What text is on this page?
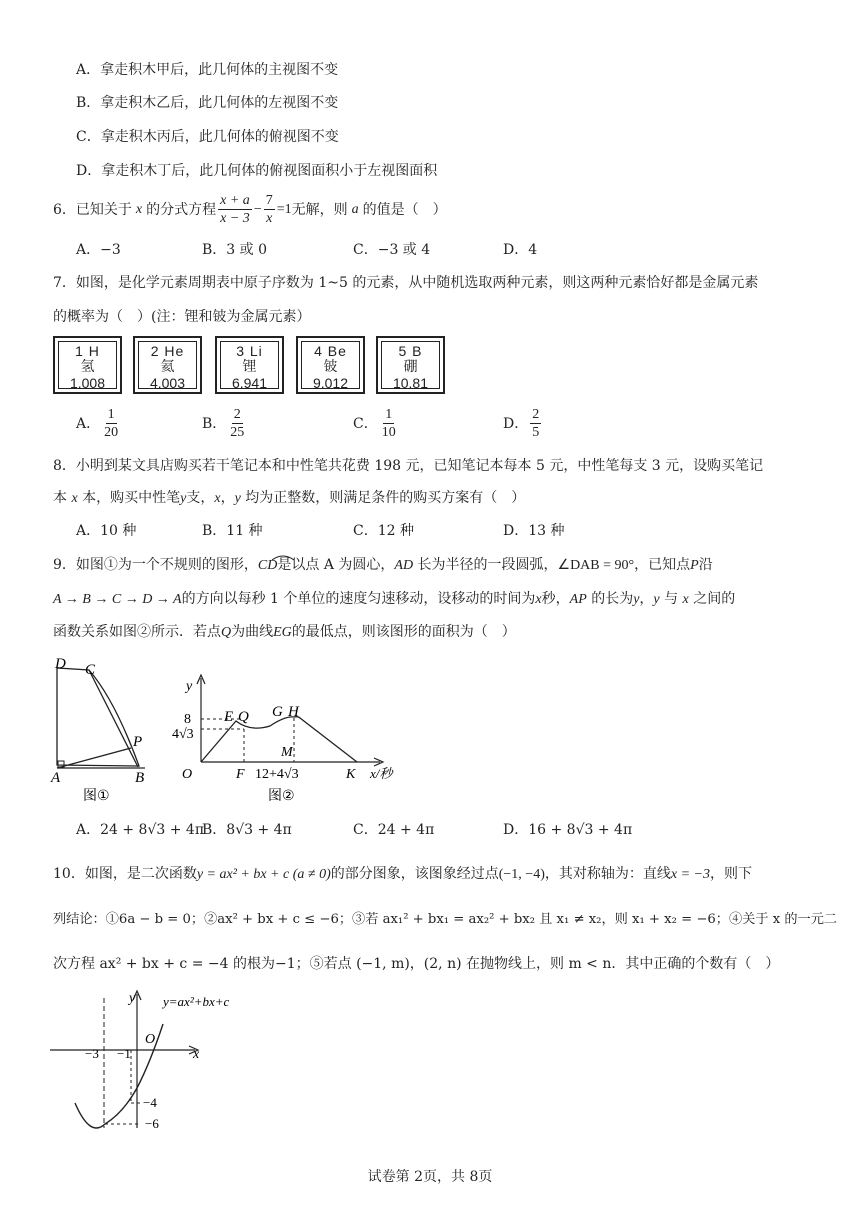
A．拿走积木甲后，此几何体的主视图不变
B．拿走积木乙后，此几何体的左视图不变
C．拿走积木丙后，此几何体的俯视图不变
D．拿走积木丁后，此几何体的俯视图面积小于左视图面积
6．已知关于 x 的分式方程 $\frac{x + a}{x - 3} - \frac{7}{x} =1$ 无解，则 a 的值是（　）
A．−3	B．3 或 0	C．−3 或 4	D．4
7．如图，是化学元素周期表中原子序数为 1~5 的元素，从中随机选取两种元素，则这两种元素恰好都是金属元素
的概率为（　）(注：锂和铍为金属元素）
1 H
氢
1.008
2 He
氦
4.003
3 Li
锂
6.941
4 Be
铍
9.012
5 B
硼
10.81
A． $\frac{1}{20}$	B． $\frac{2}{25}$	C． $\frac{1}{10}$	D． $\frac{2}{5}$
8．小明到某文具店购买若干笔记本和中性笔共花费 198 元，已知笔记本每本 5 元，中性笔每支 3 元，设购买笔记
本 x 本，购买中性笔y支，x，y 均为正整数，则满足条件的购买方案有（　）
A．10 种	B．11 种	C．12 种	D．13 种
9．如图①为一个不规则的图形，CD是以点 A 为圆心，AD 长为半径的一段圆弧，∠DAB = 90°，已知点P沿
A → B → C → D → A的方向以每秒 1 个单位的速度匀速移动，设移动的时间为x秒，AP 的长为y，y 与 x 之间的
函数关系如图②所示．若点Q为曲线EG的最低点，则该图形的面积为（　）
D C
P
A	B
图①
y
E Q G H
8
4√3
M
O	F 12+4√3	K x/秒
图②
A．24 + 8√3 + 4π
B．8√3 + 4π	C．24 + 4π	D．16 + 8√3 + 4π
10．如图，是二次函数y = ax² + bx + c (a ≠ 0)的部分图象，该图象经过点(−1, −4)，其对称轴为：直线x = −3，则下
列结论：①6a − b = 0；②ax² + bx + c ≤ −6；③若 ax₁² + bx₁ = ax₂² + bx₂ 且 x₁ ≠ x₂，则 x₁ + x₂ = −6；④关于 x 的一元二
次方程 ax² + bx + c = −4 的根为−1；⑤若点 (−1, m)，(2, n) 在抛物线上，则 m < n．其中正确的个数有（　）
y y=ax²+bx+c
O
−3 −1	x
−4
−6
试卷第 2页，共 8页
